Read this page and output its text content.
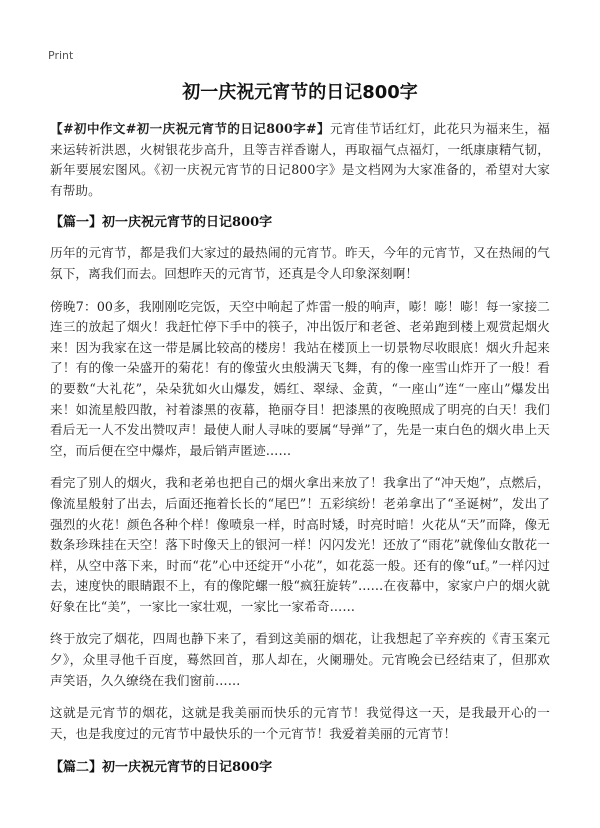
Print
初一庆祝元宵节的日记800字

【#初中作文#初一庆祝元宵节的日记800字#】元宵佳节话红灯，此花只为福来生，福来运转祈洪恩，火树银花步高升，且等吉祥香谢人，再取福气点福灯，一纸康康精气韧，新年要展宏图风。《初一庆祝元宵节的日记800字》是文档网为大家准备的，希望对大家有帮助。

【篇一】初一庆祝元宵节的日记800字

历年的元宵节，都是我们大家过的最热闹的元宵节。昨天，今年的元宵节，又在热闹的气氛下，离我们而去。回想昨天的元宵节，还真是令人印象深刻啊！

傍晚7：00多，我刚刚吃完饭，天空中响起了炸雷一般的响声，嘭！嘭！嘭！每一家接二连三的放起了烟火！我赶忙停下手中的筷子，冲出饭厅和老爸、老弟跑到楼上观赏起烟火来！因为我家在这一带是属比较高的楼房！我站在楼顶上一切景物尽收眼底！烟火升起来了！有的像一朵盛开的菊花！有的像萤火虫般满天飞舞，有的像一座雪山炸开了一般！看的要数“大礼花”，朵朵犹如火山爆发，嫣红、翠绿、金黄，“一座山”连“一座山”爆发出来！如流星般四散，衬着漆黑的夜幕，艳丽夺目！把漆黑的夜晚照成了明亮的白天！我们看后无一人不发出赞叹声！最使人耐人寻味的要属“导弹”了，先是一束白色的烟火串上天空，而后便在空中爆炸，最后销声匿迹……

看完了别人的烟火，我和老弟也把自己的烟火拿出来放了！我拿出了“冲天炮”，点燃后，像流星般射了出去，后面还拖着长长的“尾巴”！五彩缤纷！老弟拿出了“圣诞树”，发出了强烈的火花！颜色各种个样！像喷泉一样，时高时矮，时亮时暗！火花从“天”而降，像无数条珍珠挂在天空！落下时像天上的银河一样！闪闪发光！还放了“雨花”就像仙女散花一样，从空中落下来，时而“花”心中还绽开“小花”，如花蕊一般。还有的像“uf。”一样闪过去，速度快的眼睛跟不上，有的像陀螺一般“疯狂旋转”……在夜幕中，家家户户的烟火就好象在比“美”，一家比一家壮观，一家比一家希奇……

终于放完了烟花，四周也静下来了，看到这美丽的烟花，让我想起了辛弃疾的《青玉案元夕》，众里寻他千百度，蓦然回首，那人却在，火阑珊处。元宵晚会已经结束了，但那欢声笑语，久久缭绕在我们窗前……

这就是元宵节的烟花，这就是我美丽而快乐的元宵节！我觉得这一天，是我最开心的一天，也是我度过的元宵节中最快乐的一个元宵节！我爱着美丽的元宵节！

【篇二】初一庆祝元宵节的日记800字
